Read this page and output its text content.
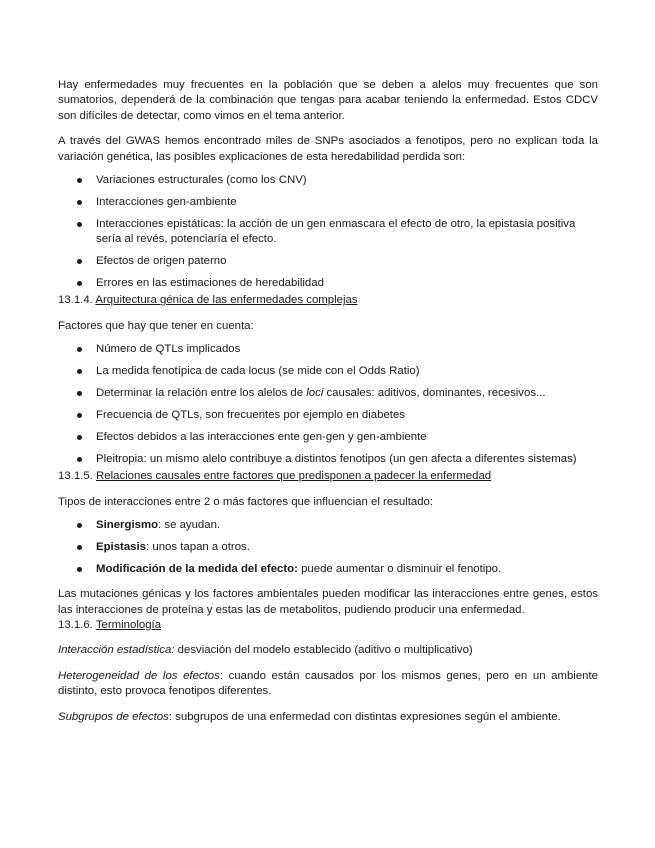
Hay enfermedades muy frecuentes en la población que se deben a alelos muy frecuentes que son sumatorios, dependerá de la combinación que tengas para acabar teniendo la enfermedad. Estos CDCV son difíciles de detectar, como vimos en el tema anterior.

A través del GWAS hemos encontrado miles de SNPs asociados a fenotipos, pero no explican toda la variación genética, las posibles explicaciones de esta heredabilidad perdida son:

Variaciones estructurales (como los CNV)
Interacciones gen-ambiente
Interacciones epistáticas: la acción de un gen enmascara el efecto de otro, la epistasia positiva sería al revés, potenciaría el efecto.
Efectos de origen paterno
Errores en las estimaciones de heredabilidad

13.1.4. Arquitectura génica de las enfermedades complejas

Factores que hay que tener en cuenta:

Número de QTLs implicados
La medida fenotípica de cada locus (se mide con el Odds Ratio)
Determinar la relación entre los alelos de loci causales: aditivos, dominantes, recesivos...
Frecuencia de QTLs, son frecuentes por ejemplo en diabetes
Efectos debidos a las interacciones ente gen-gen y gen-ambiente
Pleitropia: un mismo alelo contribuye a distintos fenotipos (un gen afecta a diferentes sistemas)

13.1.5. Relaciones causales entre factores que predisponen a padecer la enfermedad

Tipos de interacciones entre 2 o más factores que influencian el resultado:

Sinergismo: se ayudan.
Epistasis: unos tapan a otros.
Modificación de la medida del efecto: puede aumentar o disminuir el fenotipo.

Las mutaciones génicas y los factores ambientales pueden modificar las interacciones entre genes, estos las interacciones de proteína y estas las de metabolitos, pudiendo producir una enfermedad.

13.1.6. Terminología

Interacción estadística: desviación del modelo establecido (aditivo o multiplicativo)

Heterogeneidad de los efectos: cuando están causados por los mismos genes, pero en un ambiente distinto, esto provoca fenotipos diferentes.

Subgrupos de efectos: subgrupos de una enfermedad con distintas expresiones según el ambiente.
